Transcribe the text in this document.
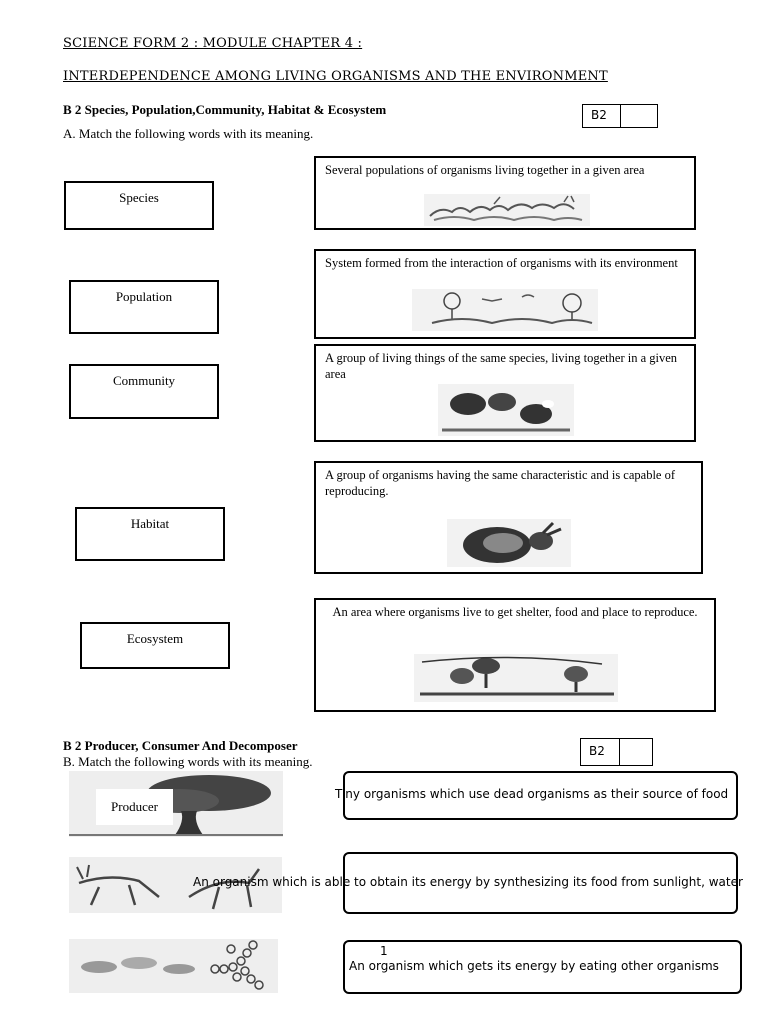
SCIENCE FORM 2 : MODULE CHAPTER 4 :
INTERDEPENDENCE AMONG LIVING ORGANISMS AND THE ENVIRONMENT
B 2 Species, Population,Community, Habitat & Ecosystem
A. Match the following words with its meaning.
B2
Species
Population
Community
Habitat
Ecosystem
Several populations of organisms living together in a given area
System formed from the interaction of organisms with its environment
A group of living things of the same species, living together in a given area
A group of organisms having the same characteristic and is capable of reproducing.
An area where organisms live to get shelter, food and place to reproduce.
B 2 Producer, Consumer And Decomposer
B. Match the following words with its meaning.
B2
Producer
Tiny organisms which use dead organisms as their source of food
An organism which is able to obtain its energy by synthesizing its food from sunlight, water
1
An organism which gets its energy by eating other organisms
